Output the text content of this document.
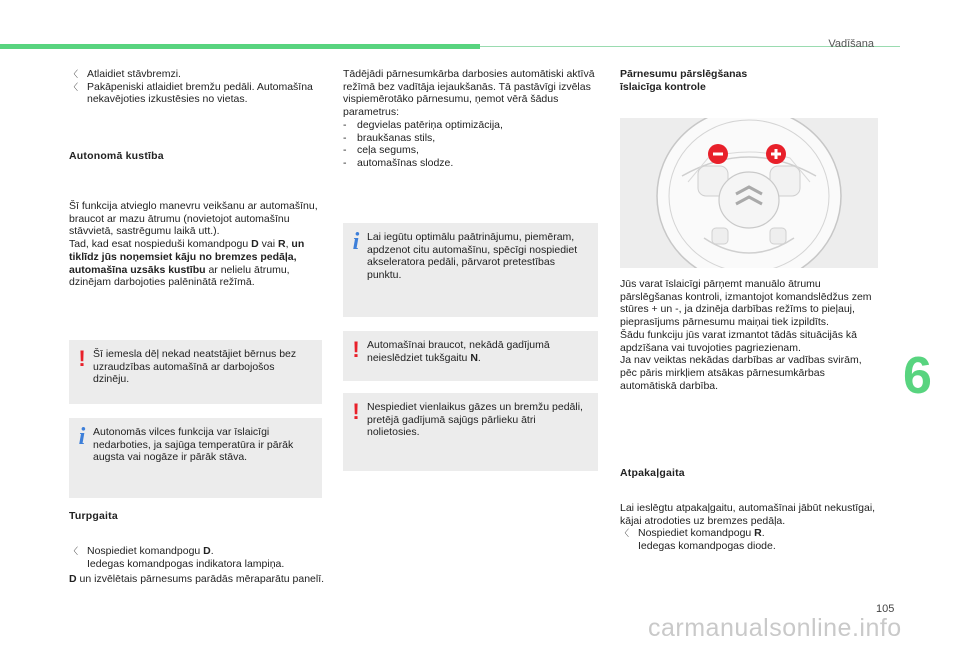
Vadīšana
〈 Atlaidiet stāvbremzi.
〈 Pakāpeniski atlaidiet bremžu pedāli. Automašīna nekavējoties izkustēsies no vietas.
Autonomā kustība

Šī funkcija atvieglo manevru veikšanu ar automašīnu, braucot ar mazu ātrumu (novietojot automašīnu stāvvietā, sastrēgumu laikā utt.).

Tad, kad esat nospieduši komandpogu D vai R, un tiklīdz jūs noņemsiet kāju no bremzes pedāļa, automašīna uzsāks kustību ar nelielu ātrumu, dzinējam darbojoties palēninātā režīmā.

! Šī iemesla dēļ nekad neatstājiet bērnus bez uzraudzības automašīnā ar darbojošos dzinēju.
i Autonomās vilces funkcija var īslaicīgi nedarboties, ja sajūga temperatūra ir pārāk augsta vai nogāze ir pārāk stāva.
Turpgaita
〈 Nospiediet komandpogu D.
Iedegas komandpogas indikatora lampiņa.

D un izvēlētais pārnesums parādās mēraparātu panelī.

Tādējādi pārnesumkārba darbosies automātiski aktīvā režīmā bez vadītāja iejaukšanās. Tā pastāvīgi izvēlas vispiemērotāko pārnesumu, ņemot vērā šādus parametrus:

-	degvielas patēriņa optimizācija,
-	braukšanas stils,
-	ceļa segums,
-	automašīnas slodze.
i Lai iegūtu optimālu paātrinājumu, piemēram, apdzenot citu automašīnu, spēcīgi nospiediet akseleratora pedāli, pārvarot pretestības punktu.
! Automašīnai braucot, nekādā gadījumā neieslēdziet tukšgaitu N.
! Nespiediet vienlaikus gāzes un bremžu pedāli, pretējā gadījumā sajūgs pārlieku ātri nolietosies.
Pārnesumu pārslēgšanas
īslaicīga kontrole

Jūs varat īslaicīgi pārņemt manuālo ātrumu pārslēgšanas kontroli, izmantojot komandslēdžus zem stūres + un -, ja dzinēja darbības režīms to pieļauj, pieprasījums pārnesumu maiņai tiek izpildīts.

Šādu funkciju jūs varat izmantot tādās situācijās kā apdzīšana vai tuvojoties pagriezienam.

Ja nav veiktas nekādas darbības ar vadības svirām, pēc pāris mirkļiem atsākas pārnesumkārbas automātiskā darbība.

Atpakaļgaita

Lai ieslēgtu atpakaļgaitu, automašīnai jābūt nekustīgai, kājai atrodoties uz bremzes pedāļa.

〈 Nospiediet komandpogu R.
Iedegas komandpogas diode.
6
105
carmanualsonline.info
